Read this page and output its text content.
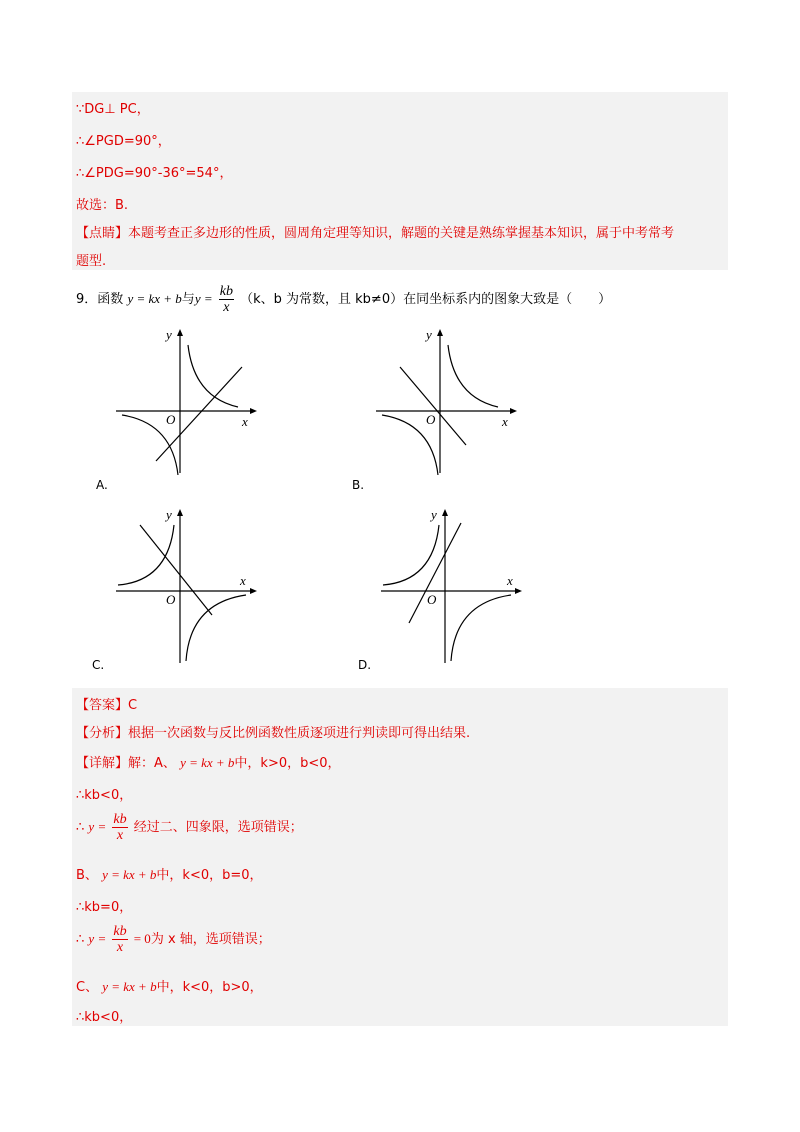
∵DG⊥ PC，
∴∠PGD=90°，
∴∠PDG=90°-36°=54°，
故选：B.
【点睛】本题考查正多边形的性质，圆周角定理等知识，解题的关键是熟练掌握基本知识，属于中考常考
题型.
9．函数 y = kx + b与$y = \frac{kb}{x} (k$、b 为常数，且 kb≠0）在同坐标系内的图象大致是（　　）
y
x
O
A.
y
x
O
B.
y
x
O
C.
y
x
O
D.
【答案】C
【分析】根据一次函数与反比例函数性质逐项进行判读即可得出结果.
【详解】解：A、 y = kx + b中，k>0，b<0，
∴kb<0，
∴ $y = \frac{kb}{x}$ 经过二、四象限，选项错误；
B、 y = kx + b中，k<0，b=0，
∴kb=0，
∴ $y = \frac{kb}{x} = 0$为 x 轴，选项错误；
C、 y = kx + b中，k<0，b>0，
∴kb<0，
